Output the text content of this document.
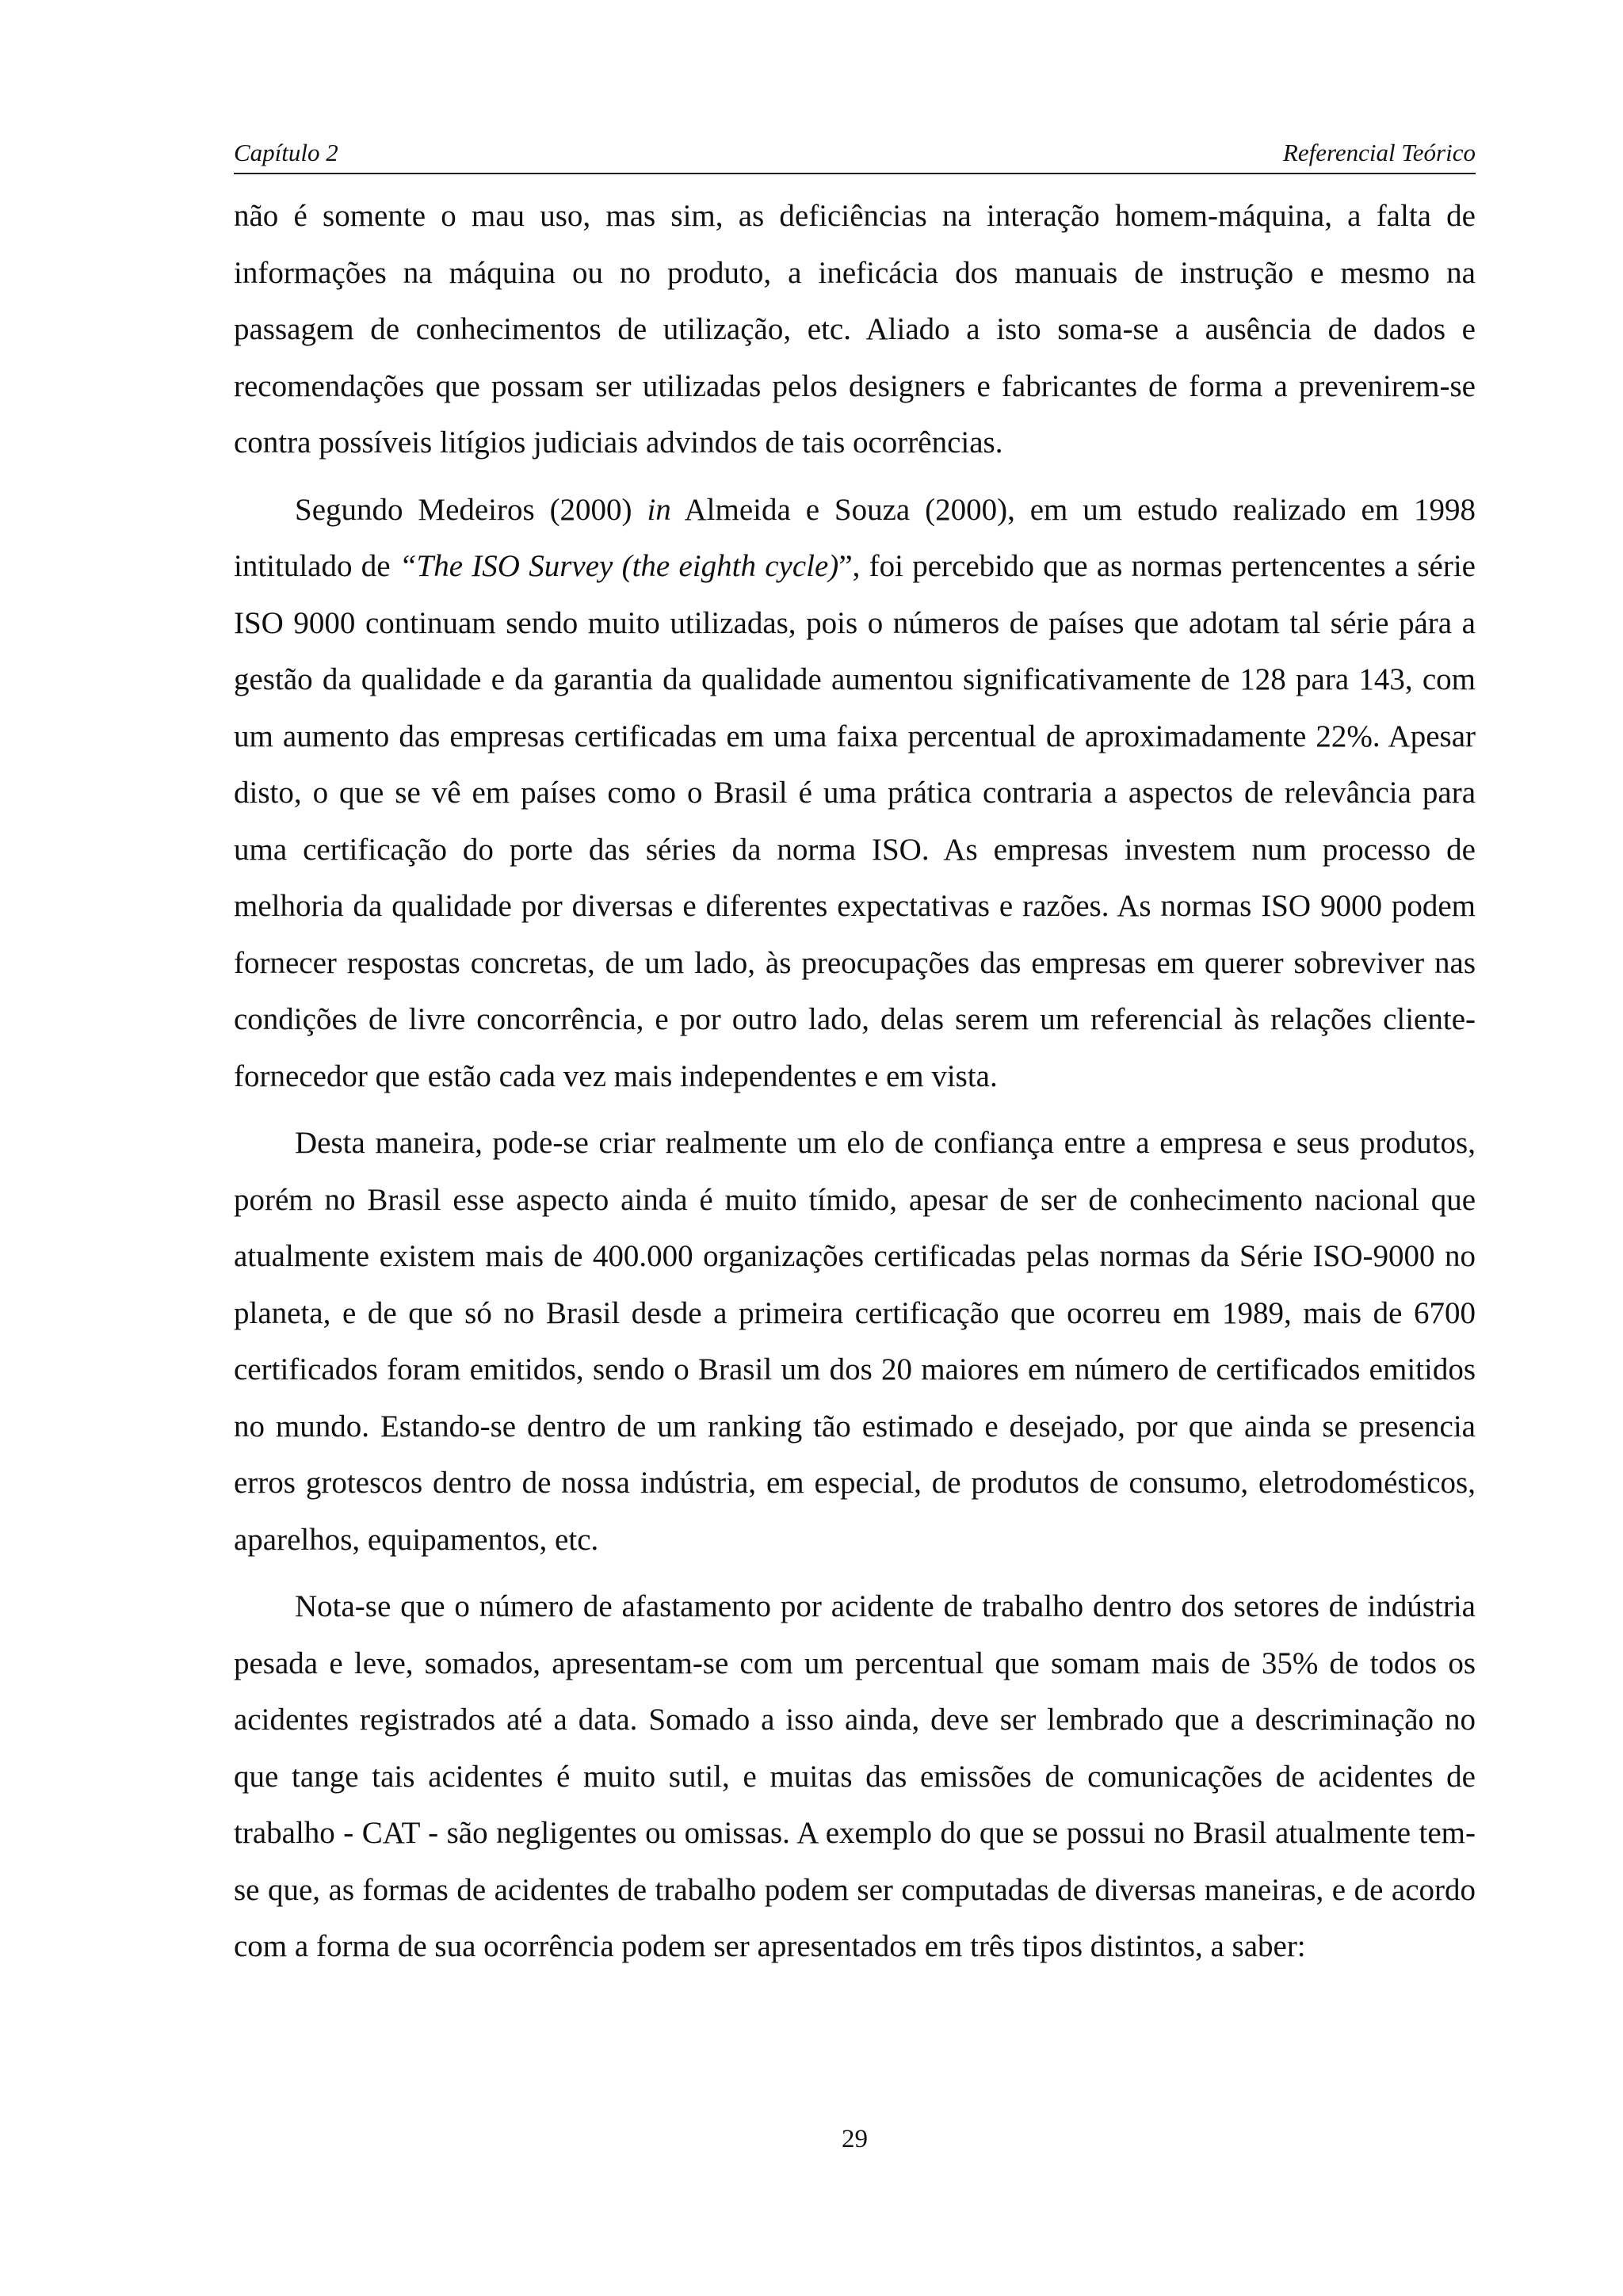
Capítulo 2	Referencial Teórico

não é somente o mau uso, mas sim, as deficiências na interação homem-máquina, a falta de informações na máquina ou no produto, a ineficácia dos manuais de instrução e mesmo na passagem de conhecimentos de utilização, etc. Aliado a isto soma-se a ausência de dados e recomendações que possam ser utilizadas pelos designers e fabricantes de forma a prevenirem-se contra possíveis litígios judiciais advindos de tais ocorrências.

Segundo Medeiros (2000) in Almeida e Souza (2000), em um estudo realizado em 1998 intitulado de “The ISO Survey (the eighth cycle)”, foi percebido que as normas pertencentes a série ISO 9000 continuam sendo muito utilizadas, pois o números de países que adotam tal série pára a gestão da qualidade e da garantia da qualidade aumentou significativamente de 128 para 143, com um aumento das empresas certificadas em uma faixa percentual de aproximadamente 22%. Apesar disto, o que se vê em países como o Brasil é uma prática contraria a aspectos de relevância para uma certificação do porte das séries da norma ISO. As empresas investem num processo de melhoria da qualidade por diversas e diferentes expectativas e razões. As normas ISO 9000 podem fornecer respostas concretas, de um lado, às preocupações das empresas em querer sobreviver nas condições de livre concorrência, e por outro lado, delas serem um referencial às relações cliente-fornecedor que estão cada vez mais independentes e em vista.

Desta maneira, pode-se criar realmente um elo de confiança entre a empresa e seus produtos, porém no Brasil esse aspecto ainda é muito tímido, apesar de ser de conhecimento nacional que atualmente existem mais de 400.000 organizações certificadas pelas normas da Série ISO-9000 no planeta, e de que só no Brasil desde a primeira certificação que ocorreu em 1989, mais de 6700 certificados foram emitidos, sendo o Brasil um dos 20 maiores em número de certificados emitidos no mundo. Estando-se dentro de um ranking tão estimado e desejado, por que ainda se presencia erros grotescos dentro de nossa indústria, em especial, de produtos de consumo, eletrodomésticos, aparelhos, equipamentos, etc.

Nota-se que o número de afastamento por acidente de trabalho dentro dos setores de indústria pesada e leve, somados, apresentam-se com um percentual que somam mais de 35% de todos os acidentes registrados até a data. Somado a isso ainda, deve ser lembrado que a descriminação no que tange tais acidentes é muito sutil, e muitas das emissões de comunicações de acidentes de trabalho - CAT - são negligentes ou omissas. A exemplo do que se possui no Brasil atualmente tem-se que, as formas de acidentes de trabalho podem ser computadas de diversas maneiras, e de acordo com a forma de sua ocorrência podem ser apresentados em três tipos distintos, a saber:

29
